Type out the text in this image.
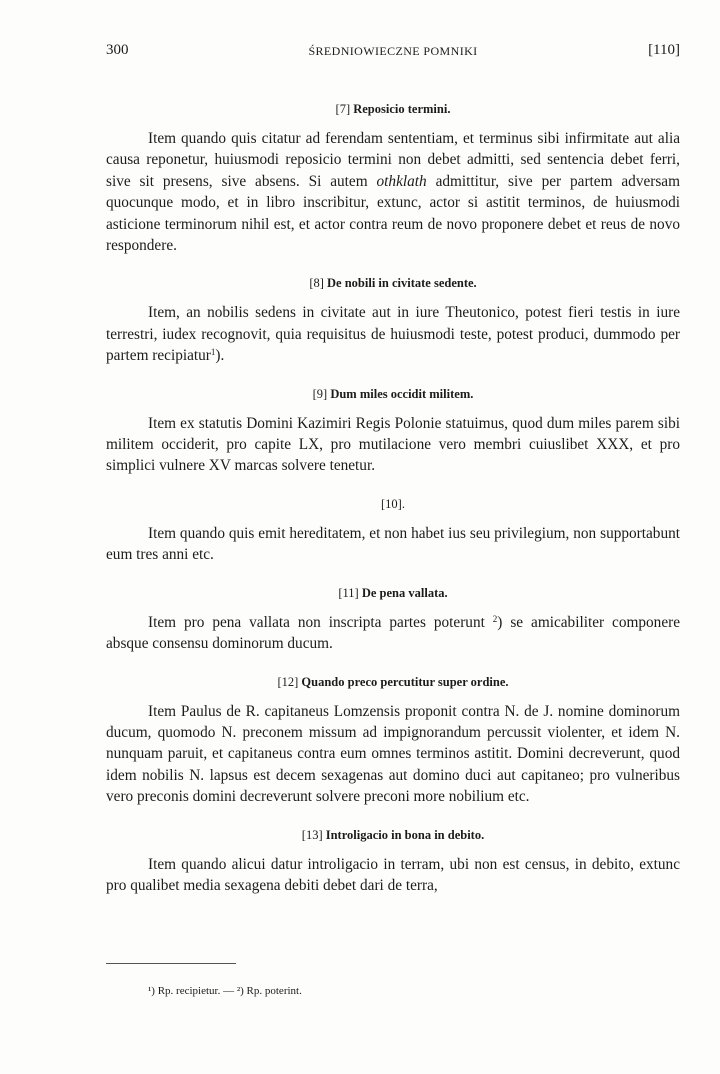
300	ŚREDNIOWIECZNE POMNIKI	[110]
[7] Reposicio termini.

Item quando quis citatur ad ferendam sententiam, et terminus sibi infirmitate aut alia causa reponetur, huiusmodi reposicio termini non debet admitti, sed sentencia debet ferri, sive sit presens, sive absens. Si autem othklath admittitur, sive per partem adversam quocunque modo, et in libro inscribitur, extunc, actor si astitit terminos, de huiusmodi asticione terminorum nihil est, et actor contra reum de novo proponere debet et reus de novo respondere.

[8] De nobili in civitate sedente.

Item, an nobilis sedens in civitate aut in iure Theutonico, potest fieri testis in iure terrestri, iudex recognovit, quia requisitus de huiusmodi teste, potest produci, dummodo per partem recipiatur$^1$).

[9] Dum miles occidit militem.

Item ex statutis Domini Kazimiri Regis Polonie statuimus, quod dum miles parem sibi militem occiderit, pro capite LX, pro mutilacione vero membri cuiuslibet XXX, et pro simplici vulnere XV marcas solvere tenetur.

[10].

Item quando quis emit hereditatem, et non habet ius seu privilegium, non supportabunt eum tres anni etc.

[11] De pena vallata.

Item pro pena vallata non inscripta partes poterunt $^2$) se amicabiliter componere absque consensu dominorum ducum.

[12] Quando preco percutitur super ordine.

Item Paulus de R. capitaneus Lomzensis proponit contra N. de J. nomine dominorum ducum, quomodo N. preconem missum ad impignorandum percussit violenter, et idem N. nunquam paruit, et capitaneus contra eum omnes terminos astitit. Domini decreverunt, quod idem nobilis N. lapsus est decem sexagenas aut domino duci aut capitaneo; pro vulneribus vero preconis domini decreverunt solvere preconi more nobilium etc.

[13] Introligacio in bona in debito.

Item quando alicui datur introligacio in terram, ubi non est census, in debito, extunc pro qualibet media sexagena debiti debet dari de terra,

¹) Rp. recipietur. — ²) Rp. poterint.
